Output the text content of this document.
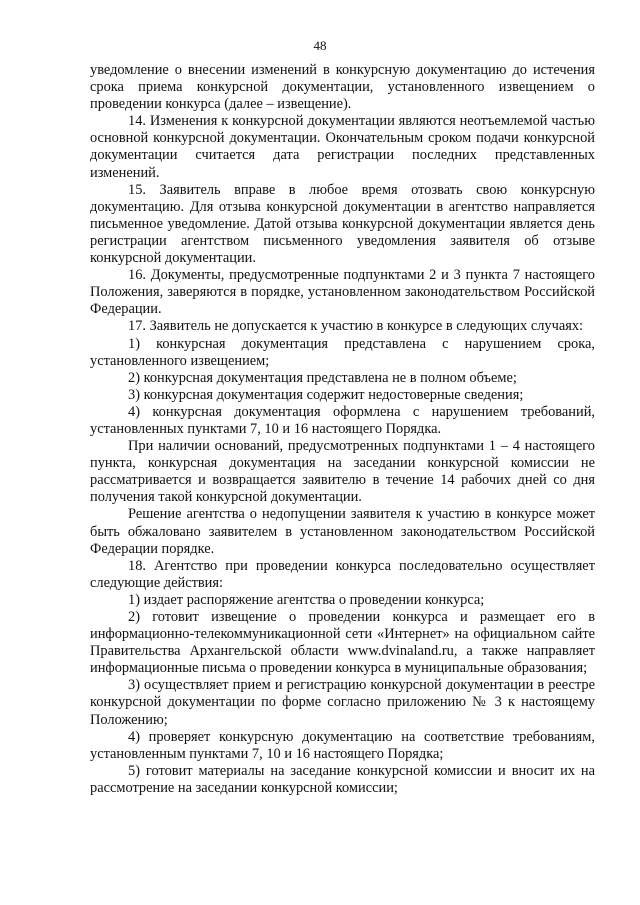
48

уведомление о внесении изменений в конкурсную документацию до истечения срока приема конкурсной документации, установленного извещением о проведении конкурса (далее – извещение).

14. Изменения к конкурсной документации являются неотъемлемой частью основной конкурсной документации. Окончательным сроком подачи конкурсной документации считается дата регистрации последних представленных изменений.

15. Заявитель вправе в любое время отозвать свою конкурсную документацию. Для отзыва конкурсной документации в агентство направляется письменное уведомление. Датой отзыва конкурсной документации является день регистрации агентством письменного уведомления заявителя об отзыве конкурсной документации.

16. Документы, предусмотренные подпунктами 2 и 3 пункта 7 настоящего Положения, заверяются в порядке, установленном законодательством Российской Федерации.

17. Заявитель не допускается к участию в конкурсе в следующих случаях:

1) конкурсная документация представлена с нарушением срока, установленного извещением;

2) конкурсная документация представлена не в полном объеме;

3) конкурсная документация содержит недостоверные сведения;

4) конкурсная документация оформлена с нарушением требований, установленных пунктами 7, 10 и 16 настоящего Порядка.

При наличии оснований, предусмотренных подпунктами 1 – 4 настоящего пункта, конкурсная документация на заседании конкурсной комиссии не рассматривается и возвращается заявителю в течение 14 рабочих дней со дня получения такой конкурсной документации.

Решение агентства о недопущении заявителя к участию в конкурсе может быть обжаловано заявителем в установленном законодательством Российской Федерации порядке.

18. Агентство при проведении конкурса последовательно осуществляет следующие действия:

1) издает распоряжение агентства о проведении конкурса;

2) готовит извещение о проведении конкурса и размещает его в информационно-телекоммуникационной сети «Интернет» на официальном сайте Правительства Архангельской области www.dvinaland.ru, а также направляет информационные письма о проведении конкурса в муниципальные образования;

3) осуществляет прием и регистрацию конкурсной документации в реестре конкурсной документации по форме согласно приложению № 3 к настоящему Положению;

4) проверяет конкурсную документацию на соответствие требованиям, установленным пунктами 7, 10 и 16 настоящего Порядка;

5) готовит материалы на заседание конкурсной комиссии и вносит их на рассмотрение на заседании конкурсной комиссии;
